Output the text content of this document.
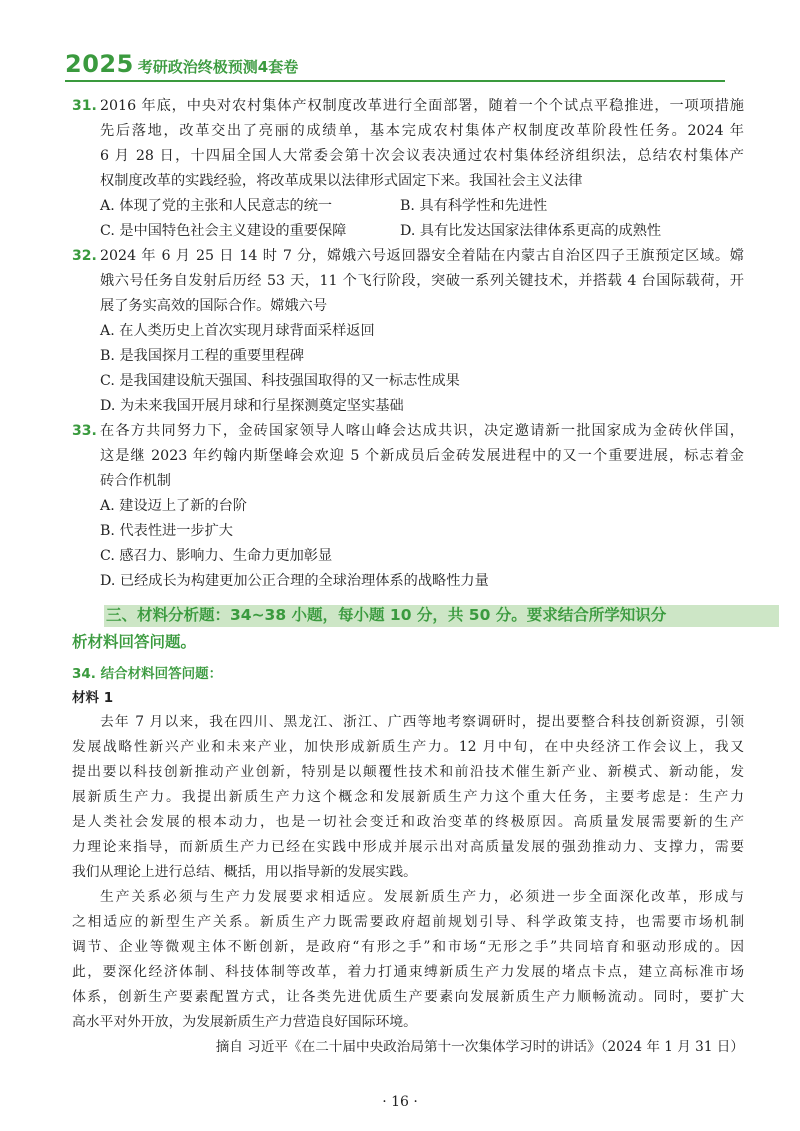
2025 考研政治终极预测4套卷
31. 2016 年底，中央对农村集体产权制度改革进行全面部署，随着一个个试点平稳推进，一项项措施
先后落地，改革交出了亮丽的成绩单，基本完成农村集体产权制度改革阶段性任务。2024 年
6 月 28 日，十四届全国人大常委会第十次会议表决通过农村集体经济组织法，总结农村集体产
权制度改革的实践经验，将改革成果以法律形式固定下来。我国社会主义法律
A. 体现了党的主张和人民意志的统一	B. 具有科学性和先进性
C. 是中国特色社会主义建设的重要保障	D. 具有比发达国家法律体系更高的成熟性
32. 2024 年 6 月 25 日 14 时 7 分，嫦娥六号返回器安全着陆在内蒙古自治区四子王旗预定区域。嫦
娥六号任务自发射后历经 53 天，11 个飞行阶段，突破一系列关键技术，并搭载 4 台国际载荷，开
展了务实高效的国际合作。嫦娥六号
A. 在人类历史上首次实现月球背面采样返回
B. 是我国探月工程的重要里程碑
C. 是我国建设航天强国、科技强国取得的又一标志性成果
D. 为未来我国开展月球和行星探测奠定坚实基础
33. 在各方共同努力下，金砖国家领导人喀山峰会达成共识，决定邀请新一批国家成为金砖伙伴国，
这是继 2023 年约翰内斯堡峰会欢迎 5 个新成员后金砖发展进程中的又一个重要进展，标志着金
砖合作机制
A. 建设迈上了新的台阶
B. 代表性进一步扩大
C. 感召力、影响力、生命力更加彰显
D. 已经成长为构建更加公正合理的全球治理体系的战略性力量
三、材料分析题：34~38 小题，每小题 10 分，共 50 分。要求结合所学知识分
析材料回答问题。
34. 结合材料回答问题：
材料 1
去年 7 月以来，我在四川、黑龙江、浙江、广西等地考察调研时，提出要整合科技创新资源，引领
发展战略性新兴产业和未来产业，加快形成新质生产力。12 月中旬，在中央经济工作会议上，我又
提出要以科技创新推动产业创新，特别是以颠覆性技术和前沿技术催生新产业、新模式、新动能，发
展新质生产力。我提出新质生产力这个概念和发展新质生产力这个重大任务，主要考虑是：生产力
是人类社会发展的根本动力，也是一切社会变迁和政治变革的终极原因。高质量发展需要新的生产
力理论来指导，而新质生产力已经在实践中形成并展示出对高质量发展的强劲推动力、支撑力，需要
我们从理论上进行总结、概括，用以指导新的发展实践。
生产关系必须与生产力发展要求相适应。发展新质生产力，必须进一步全面深化改革，形成与
之相适应的新型生产关系。新质生产力既需要政府超前规划引导、科学政策支持，也需要市场机制
调节、企业等微观主体不断创新，是政府“有形之手”和市场“无形之手”共同培育和驱动形成的。因
此，要深化经济体制、科技体制等改革，着力打通束缚新质生产力发展的堵点卡点，建立高标准市场
体系，创新生产要素配置方式，让各类先进优质生产要素向发展新质生产力顺畅流动。同时，要扩大
高水平对外开放，为发展新质生产力营造良好国际环境。
摘自 习近平《在二十届中央政治局第十一次集体学习时的讲话》（2024 年 1 月 31 日）
· 16 ·
